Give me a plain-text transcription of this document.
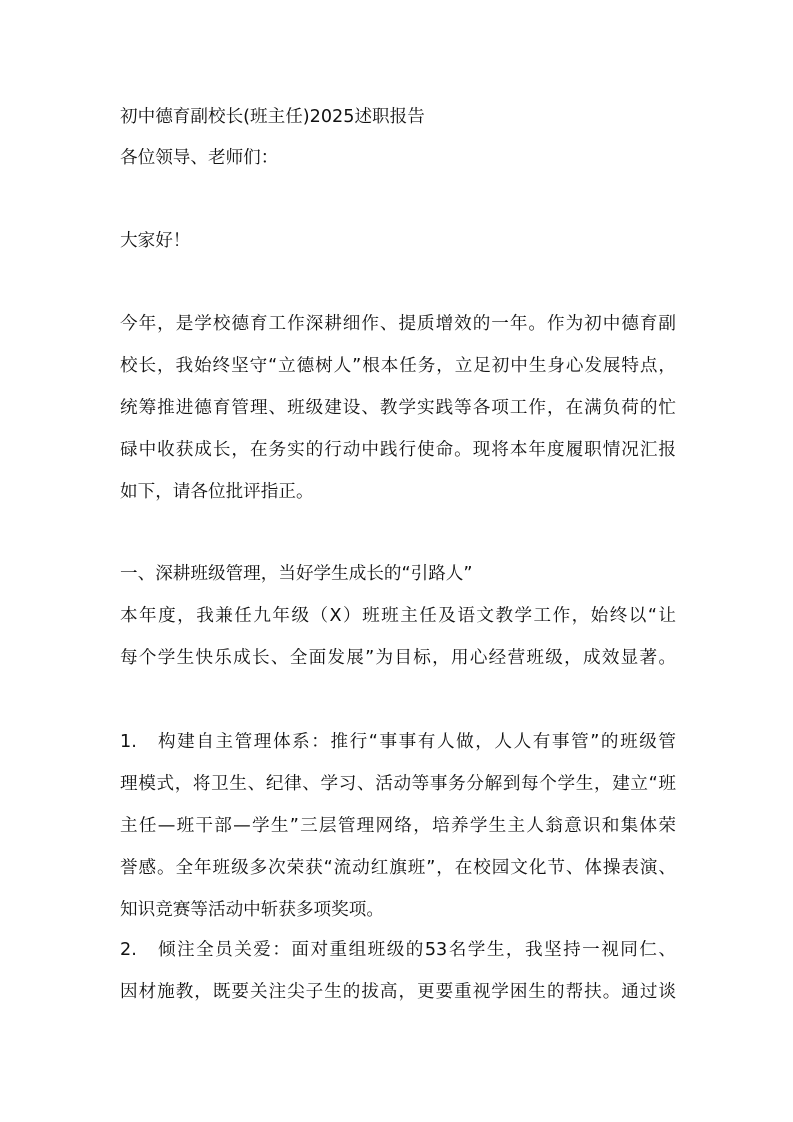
初中德育副校长(班主任)2025述职报告
各位领导、老师们：
大家好！
今年，是学校德育工作深耕细作、提质增效的一年。作为初中德育副
校长，我始终坚守“立德树人”根本任务，立足初中生身心发展特点，
统筹推进德育管理、班级建设、教学实践等各项工作，在满负荷的忙
碌中收获成长，在务实的行动中践行使命。现将本年度履职情况汇报
如下，请各位批评指正。
一、深耕班级管理，当好学生成长的“引路人”
本年度，我兼任九年级（X）班班主任及语文教学工作，始终以“让
每个学生快乐成长、全面发展”为目标，用心经营班级，成效显著。
1. 构建自主管理体系：推行“事事有人做，人人有事管”的班级管
理模式，将卫生、纪律、学习、活动等事务分解到每个学生，建立“班
主任—班干部—学生”三层管理网络，培养学生主人翁意识和集体荣
誉感。全年班级多次荣获“流动红旗班”，在校园文化节、体操表演、
知识竞赛等活动中斩获多项奖项。
2. 倾注全员关爱：面对重组班级的53名学生，我坚持一视同仁、
因材施教，既要关注尖子生的拔高，更要重视学困生的帮扶。通过谈
